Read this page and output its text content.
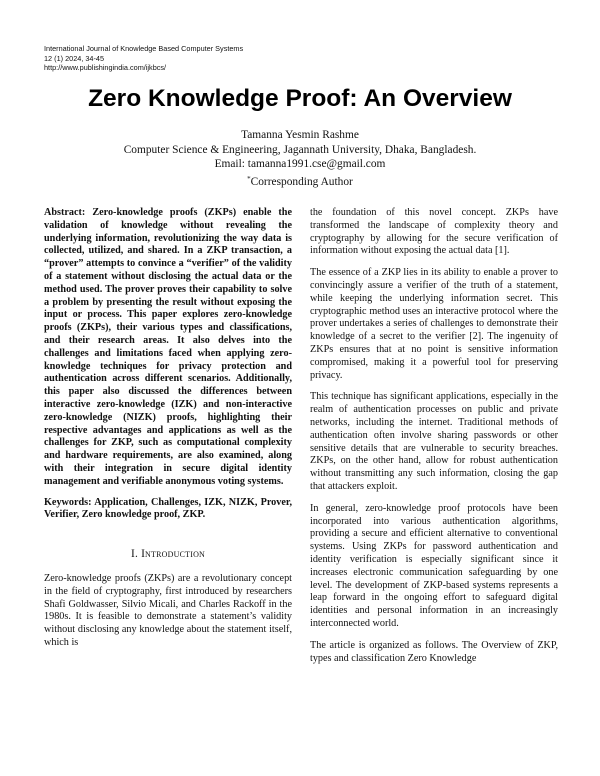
International Journal of Knowledge Based Computer Systems
12 (1) 2024, 34-45
http://www.publishingindia.com/ijkbcs/
Zero Knowledge Proof: An Overview
Tamanna Yesmin Rashme
Computer Science & Engineering, Jagannath University, Dhaka, Bangladesh.
Email: tamanna1991.cse@gmail.com
*Corresponding Author

Abstract: Zero-knowledge proofs (ZKPs) enable the validation of knowledge without revealing the underlying information, revolutionizing the way data is collected, utilized, and shared. In a ZKP transaction, a “prover” attempts to convince a “verifier” of the validity of a statement without disclosing the actual data or the method used. The prover proves their capability to solve a problem by presenting the result without exposing the input or process. This paper explores zero-knowledge proofs (ZKPs), their various types and classifications, and their research areas. It also delves into the challenges and limitations faced when applying zero-knowledge techniques for privacy protection and authentication across different scenarios. Additionally, this paper also discussed the differences between interactive zero-knowledge (IZK) and non-interactive zero-knowledge (NIZK) proofs, highlighting their respective advantages and applications as well as the challenges for ZKP, such as computational complexity and hardware requirements, are also examined, along with their integration in secure digital identity management and verifiable anonymous voting systems.

Keywords: Application, Challenges, IZK, NIZK, Prover, Verifier, Zero knowledge proof, ZKP.

I. Introduction

Zero-knowledge proofs (ZKPs) are a revolutionary concept in the field of cryptography, first introduced by researchers Shafi Goldwasser, Silvio Micali, and Charles Rackoff in the 1980s. It is feasible to demonstrate a statement’s validity without disclosing any knowledge about the statement itself, which is

the foundation of this novel concept. ZKPs have transformed the landscape of complexity theory and cryptography by allowing for the secure verification of information without exposing the actual data [1].

The essence of a ZKP lies in its ability to enable a prover to convincingly assure a verifier of the truth of a statement, while keeping the underlying information secret. This cryptographic method uses an interactive protocol where the prover undertakes a series of challenges to demonstrate their knowledge of a secret to the verifier [2]. The ingenuity of ZKPs ensures that at no point is sensitive information compromised, making it a powerful tool for preserving privacy.

This technique has significant applications, especially in the realm of authentication processes on public and private networks, including the internet. Traditional methods of authentication often involve sharing passwords or other sensitive details that are vulnerable to security breaches. ZKPs, on the other hand, allow for robust authentication without transmitting any such information, closing the gap that attackers exploit.

In general, zero-knowledge proof protocols have been incorporated into various authentication algorithms, providing a secure and efficient alternative to conventional systems. Using ZKPs for password authentication and identity verification is especially significant since it increases electronic communication safeguarding by one level. The development of ZKP-based systems represents a leap forward in the ongoing effort to safeguard digital identities and personal information in an increasingly interconnected world.

The article is organized as follows. The Overview of ZKP, types and classification Zero Knowledge
